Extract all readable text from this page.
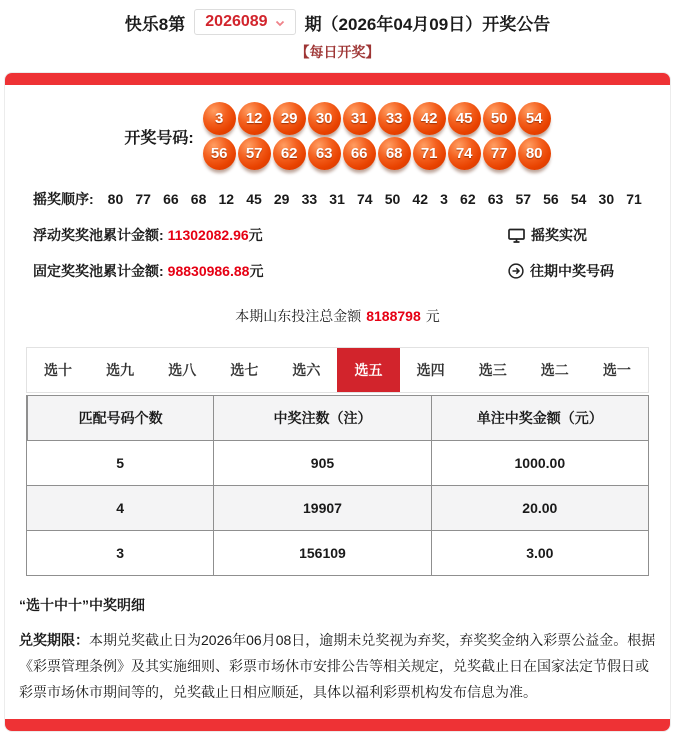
快乐8第 2026089 期（2026年04月09日）开奖公告
【每日开奖】
开奖号码:
3	12	29	30	31	33	42	45	50	54
56	57	62	63	66	68	71	74	77	80
摇奖顺序: 80 77 66 68 12 45 29 33 31 74 50 42 3 62 63 57 56 54 30 71
浮动奖奖池累计金额: 11302082.96元	摇奖实况
固定奖奖池累计金额: 98830986.88元	往期中奖号码
本期山东投注总金额 8188798 元
选十	选九	选八	选七	选六	选五	选四	选三	选二	选一
匹配号码个数	中奖注数（注）	单注中奖金额（元）
5	905	1000.00
4	19907	20.00
3	156109	3.00
“选十中十”中奖明细

兑奖期限：本期兑奖截止日为2026年06月08日，逾期未兑奖视为弃奖，弃奖奖金纳入彩票公益金。根据《彩票管理条例》及其实施细则、彩票市场休市安排公告等相关规定，兑奖截止日在国家法定节假日或彩票市场休市期间等的，兑奖截止日相应顺延，具体以福利彩票机构发布信息为准。
